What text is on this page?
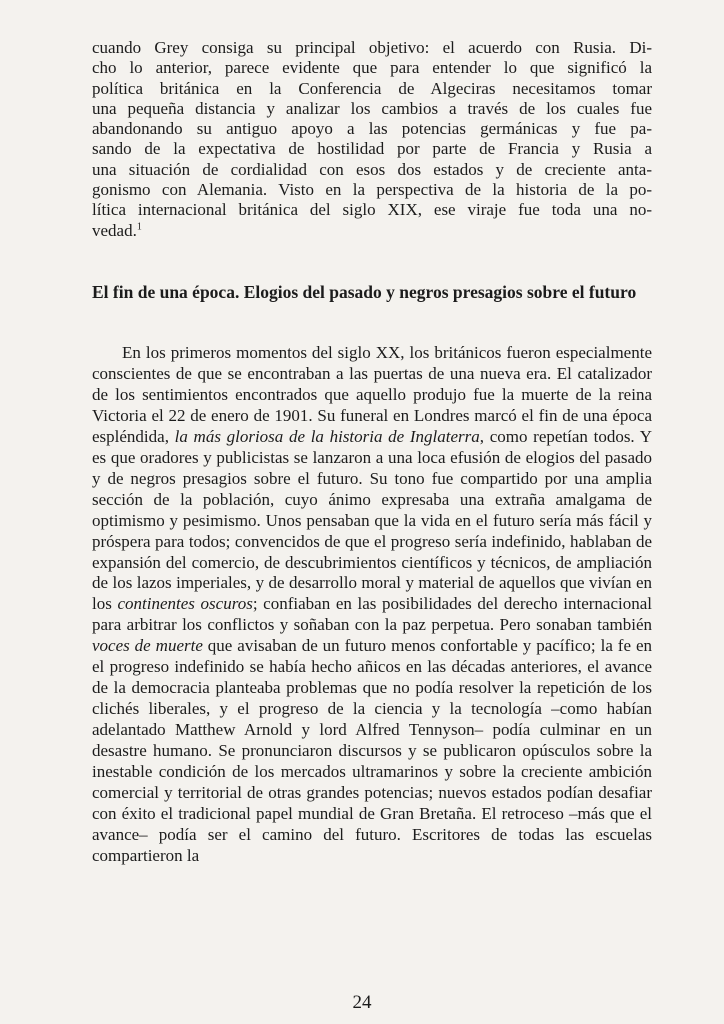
cuando Grey consiga su principal objetivo: el acuerdo con Rusia. Di-
cho lo anterior, parece evidente que para entender lo que significó la
política británica en la Conferencia de Algeciras necesitamos tomar
una pequeña distancia y analizar los cambios a través de los cuales fue
abandonando su antiguo apoyo a las potencias germánicas y fue pa-
sando de la expectativa de hostilidad por parte de Francia y Rusia a
una situación de cordialidad con esos dos estados y de creciente anta-
gonismo con Alemania. Visto en la perspectiva de la historia de la po-
lítica internacional británica del siglo XIX, ese viraje fue toda una no-
vedad.$^1$
El fin de una época. Elogios del pasado y negros presagios sobre el futuro
En los primeros momentos del siglo XX, los británicos fueron especialmente conscientes de que se encontraban a las puertas de una nueva era. El catalizador de los sentimientos encontrados que aquello produjo fue la muerte de la reina Victoria el 22 de enero de 1901. Su funeral en Londres marcó el fin de una época espléndida, la más gloriosa de la historia de Inglaterra, como repetían todos. Y es que oradores y publicistas se lanzaron a una loca efusión de elogios del pasado y de negros presagios sobre el futuro. Su tono fue compartido por una amplia sección de la población, cuyo ánimo expresaba una extraña amalgama de optimismo y pesimismo. Unos pensaban que la vida en el futuro sería más fácil y próspera para todos; convencidos de que el progreso sería indefinido, hablaban de expansión del comercio, de descubrimientos científicos y técnicos, de ampliación de los lazos imperiales, y de desarrollo moral y material de aquellos que vivían en los continentes oscuros; confiaban en las posibilidades del derecho internacional para arbitrar los conflictos y soñaban con la paz perpetua. Pero sonaban también voces de muerte que avisaban de un futuro menos confortable y pacífico; la fe en el progreso indefinido se había hecho añicos en las décadas anteriores, el avance de la democracia planteaba problemas que no podía resolver la repetición de los clichés liberales, y el progreso de la ciencia y la tecnología –como habían adelantado Matthew Arnold y lord Alfred Tennyson– podía culminar en un desastre humano. Se pronunciaron discursos y se publicaron opúsculos sobre la inestable condición de los mercados ultramarinos y sobre la creciente ambición comercial y territorial de otras grandes potencias; nuevos estados podían desafiar con éxito el tradicional papel mundial de Gran Bretaña. El retroceso –más que el avance– podía ser el camino del futuro. Escritores de todas las escuelas compartieron la
24
